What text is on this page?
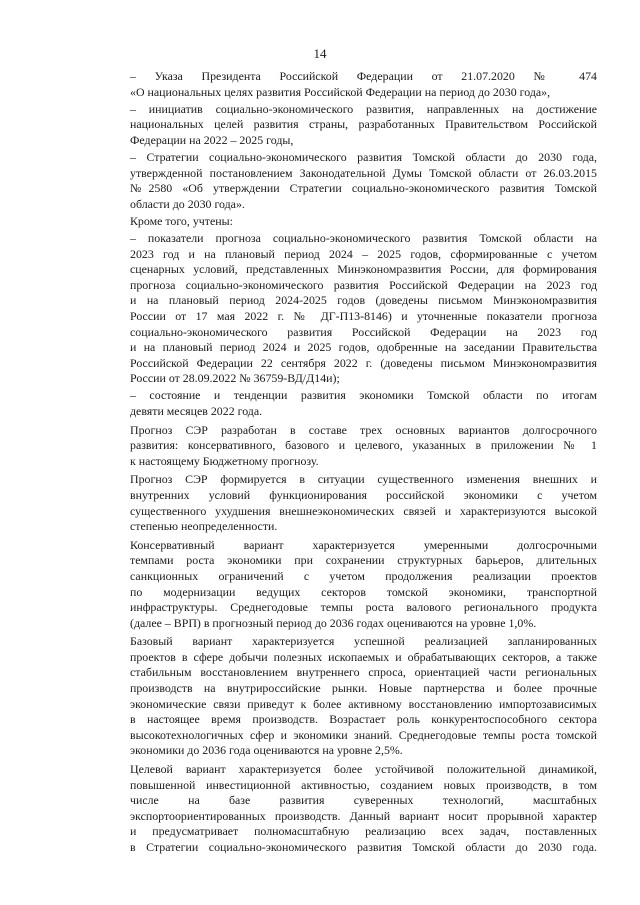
14

– Указа Президента Российской Федерации от 21.07.2020 № 474
«О национальных целях развития Российской Федерации на период до 2030 года»,

– инициатив социально-экономического развития, направленных на достижение
национальных целей развития страны, разработанных Правительством Российской
Федерации на 2022 – 2025 годы,

– Стратегии социально-экономического развития Томской области до 2030 года,
утвержденной постановлением Законодательной Думы Томской области от 26.03.2015
№2580 «Об утверждении Стратегии социально-экономического развития Томской
области до 2030 года».

Кроме того, учтены:

– показатели прогноза социально-экономического развития Томской области на
2023 год и на плановый период 2024 – 2025 годов, сформированные с учетом
сценарных условий, представленных Минэкономразвития России, для формирования
прогноза социально-экономического развития Российской Федерации на 2023 год
и на плановый период 2024-2025 годов (доведены письмом Минэкономразвития
России от 17 мая 2022 г. № ДГ-П13-8146) и уточненные показатели прогноза
социально-экономического развития Российской Федерации на 2023 год
и на плановый период 2024 и 2025 годов, одобренные на заседании Правительства
Российской Федерации 22 сентября 2022 г. (доведены письмом Минэкономразвития
России от 28.09.2022 № 36759-ВД/Д14и);

– состояние и тенденции развития экономики Томской области по итогам
девяти месяцев 2022 года.

Прогноз СЭР разработан в составе трех основных вариантов долгосрочного
развития: консервативного, базового и целевого, указанных в приложении № 1
к настоящему Бюджетному прогнозу.

Прогноз СЭР формируется в ситуации существенного изменения внешних и
внутренних условий функционирования российской экономики с учетом
существенного ухудшения внешнеэкономических связей и характеризуются высокой
степенью неопределенности.

Консервативный вариант характеризуется умеренными долгосрочными
темпами роста экономики при сохранении структурных барьеров, длительных
санкционных ограничений с учетом продолжения реализации проектов
по модернизации ведущих секторов томской экономики, транспортной
инфраструктуры. Среднегодовые темпы роста валового регионального продукта
(далее – ВРП) в прогнозный период до 2036 годах оцениваются на уровне 1,0%.

Базовый вариант характеризуется успешной реализацией запланированных
проектов в сфере добычи полезных ископаемых и обрабатывающих секторов, а также
стабильным восстановлением внутреннего спроса, ориентацией части региональных
производств на внутрироссийские рынки. Новые партнерства и более прочные
экономические связи приведут к более активному восстановлению импортозависимых
в настоящее время производств. Возрастает роль конкурентоспособного сектора
высокотехнологичных сфер и экономики знаний. Среднегодовые темпы роста томской
экономики до 2036 года оцениваются на уровне 2,5%.

Целевой вариант характеризуется более устойчивой положительной динамикой,
повышенной инвестиционной активностью, созданием новых производств, в том
числе на базе развития суверенных технологий, масштабных
экспортоориентированных производств. Данный вариант носит прорывной характер
и предусматривает полномасштабную реализацию всех задач, поставленных
в Стратегии социально-экономического развития Томской области до 2030 года.
